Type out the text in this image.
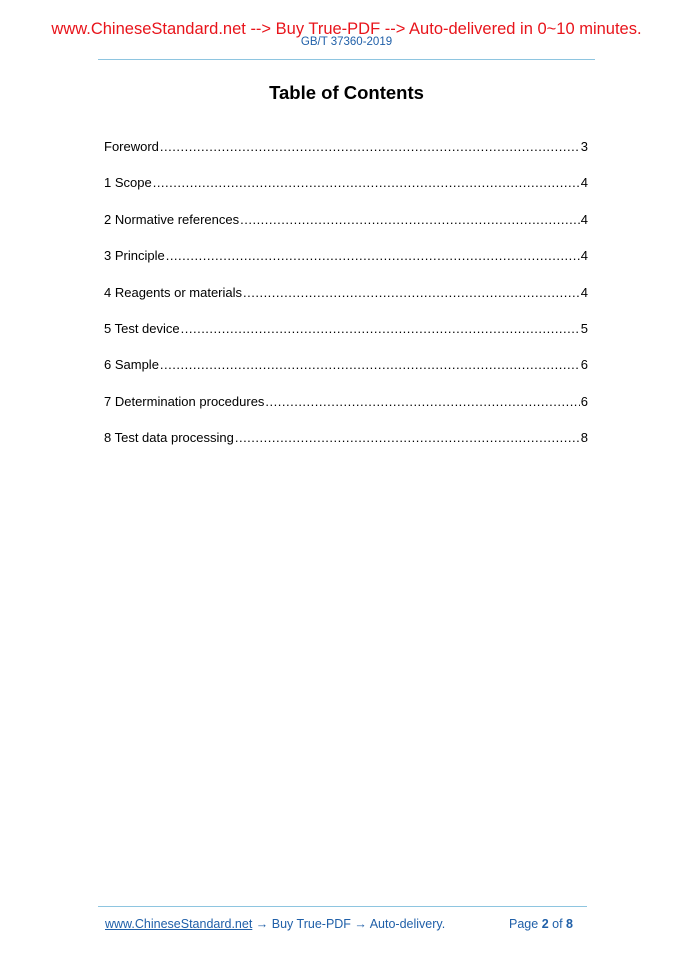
www.ChineseStandard.net --> Buy True-PDF --> Auto-delivered in 0~10 minutes.
GB/T 37360-2019
Table of Contents
Foreword .....	3
1 Scope .....	4
2 Normative references .....	4
3 Principle .....	4
4 Reagents or materials .....	4
5 Test device .....	5
6 Sample .....	6
7 Determination procedures .....	6
8 Test data processing .....	8
www.ChineseStandard.net → Buy True-PDF → Auto-delivery.	Page 2 of 8
